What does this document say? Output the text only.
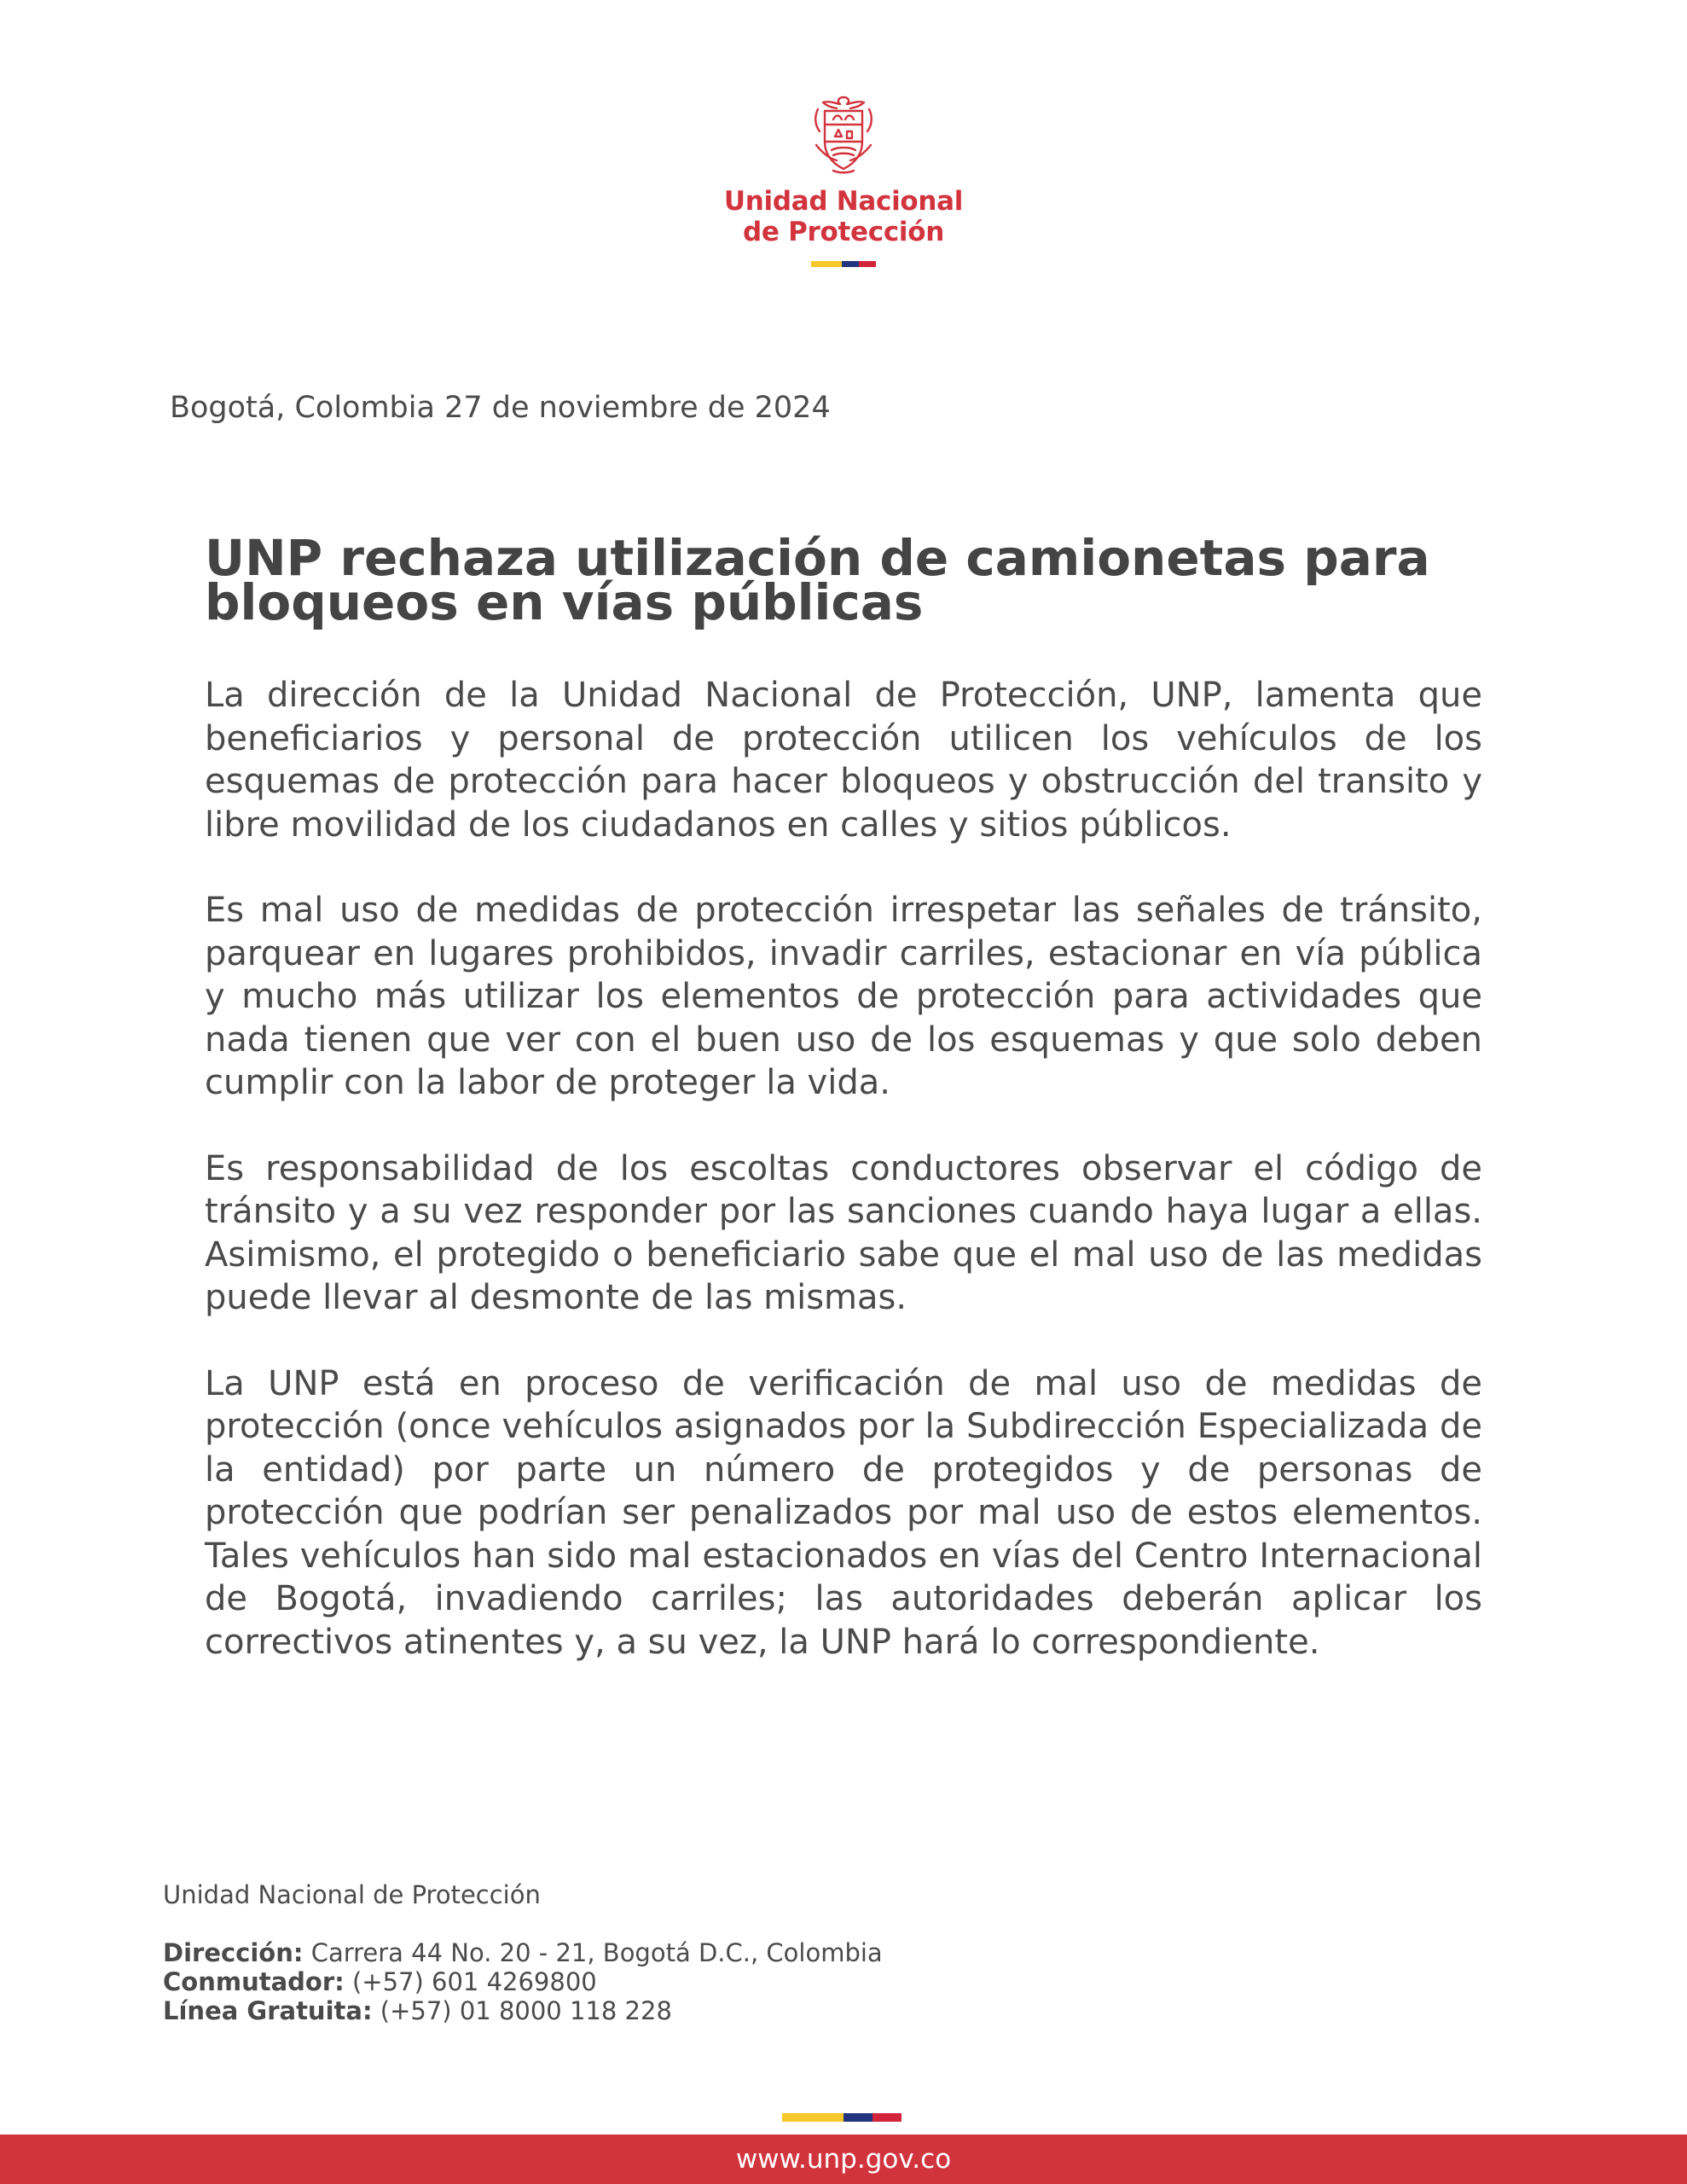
Unidad Nacional
de Protección
Bogotá, Colombia 27 de noviembre de 2024
UNP rechaza utilización de camionetas para
bloqueos en vías públicas

La dirección de la Unidad Nacional de Protección, UNP, lamenta que beneficiarios y personal de protección utilicen los vehículos de los esquemas de protección para hacer bloqueos y obstrucción del transito y libre movilidad de los ciudadanos en calles y sitios públicos.

Es mal uso de medidas de protección irrespetar las señales de tránsito, parquear en lugares prohibidos, invadir carriles, estacionar en vía pública y mucho más utilizar los elementos de protección para actividades que nada tienen que ver con el buen uso de los esquemas y que solo deben cumplir con la labor de proteger la vida.

Es responsabilidad de los escoltas conductores observar el código de tránsito y a su vez responder por las sanciones cuando haya lugar a ellas. Asimismo, el protegido o beneficiario sabe que el mal uso de las medidas puede llevar al desmonte de las mismas.

La UNP está en proceso de verificación de mal uso de medidas de protección (once vehículos asignados por la Subdirección Especializada de la entidad) por parte un número de protegidos y de personas de protección que podrían ser penalizados por mal uso de estos elementos. Tales vehículos han sido mal estacionados en vías del Centro Internacional de Bogotá, invadiendo carriles; las autoridades deberán aplicar los correctivos atinentes y, a su vez, la UNP hará lo correspondiente.

Unidad Nacional de Protección
Dirección: Carrera 44 No. 20 - 21, Bogotá D.C., Colombia
Conmutador: (+57) 601 4269800
Línea Gratuita: (+57) 01 8000 118 228
www.unp.gov.co
